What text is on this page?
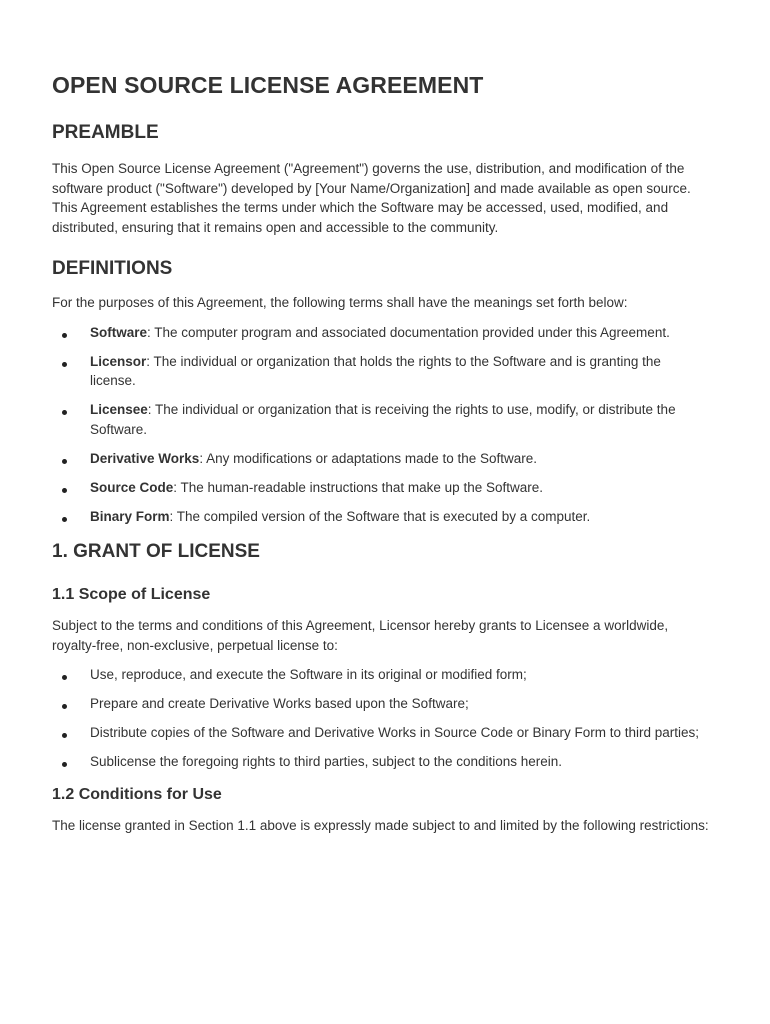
OPEN SOURCE LICENSE AGREEMENT
PREAMBLE

This Open Source License Agreement ("Agreement") governs the use, distribution, and modification of the software product ("Software") developed by [Your Name/Organization] and made available as open source. This Agreement establishes the terms under which the Software may be accessed, used, modified, and distributed, ensuring that it remains open and accessible to the community.

DEFINITIONS

For the purposes of this Agreement, the following terms shall have the meanings set forth below:

Software: The computer program and associated documentation provided under this Agreement.
Licensor: The individual or organization that holds the rights to the Software and is granting the license.
Licensee: The individual or organization that is receiving the rights to use, modify, or distribute the Software.
Derivative Works: Any modifications or adaptations made to the Software.
Source Code: The human-readable instructions that make up the Software.
Binary Form: The compiled version of the Software that is executed by a computer.
1. GRANT OF LICENSE
1.1 Scope of License

Subject to the terms and conditions of this Agreement, Licensor hereby grants to Licensee a worldwide, royalty-free, non-exclusive, perpetual license to:

Use, reproduce, and execute the Software in its original or modified form;
Prepare and create Derivative Works based upon the Software;
Distribute copies of the Software and Derivative Works in Source Code or Binary Form to third parties;
Sublicense the foregoing rights to third parties, subject to the conditions herein.
1.2 Conditions for Use

The license granted in Section 1.1 above is expressly made subject to and limited by the following restrictions:
